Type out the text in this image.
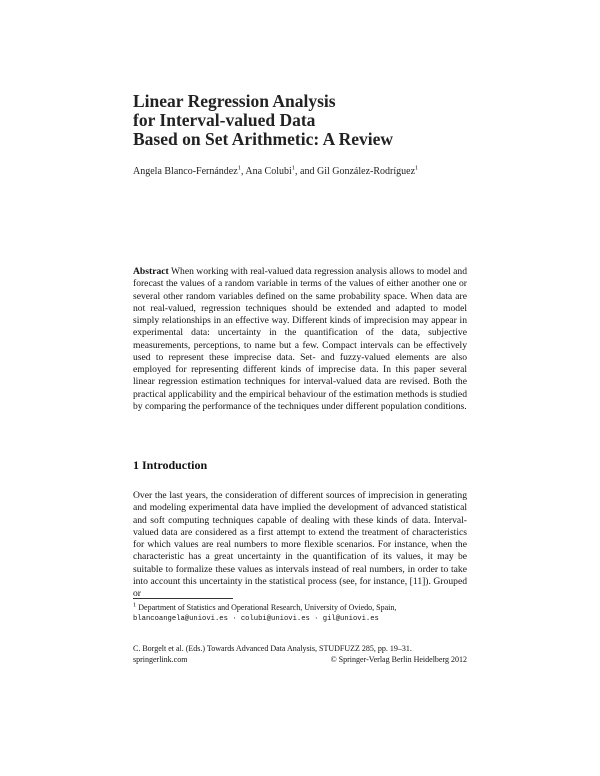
Linear Regression Analysis
for Interval-valued Data
Based on Set Arithmetic: A Review
Angela Blanco-Fernández$^1$, Ana Colubi$^1$, and Gil González-Rodríguez$^1$
Abstract When working with real-valued data regression analysis allows to model and forecast the values of a random variable in terms of the values of either another one or several other random variables defined on the same probability space. When data are not real-valued, regression techniques should be extended and adapted to model simply relationships in an effective way. Different kinds of imprecision may appear in experimental data: uncertainty in the quantification of the data, subjective measurements, perceptions, to name but a few. Compact intervals can be effectively used to represent these imprecise data. Set- and fuzzy-valued elements are also employed for representing different kinds of imprecise data. In this paper several linear regression estimation techniques for interval-valued data are revised. Both the practical applicability and the empirical behaviour of the estimation methods is studied by comparing the performance of the techniques under different population conditions.
1 Introduction
Over the last years, the consideration of different sources of imprecision in generating and modeling experimental data have implied the development of advanced statistical and soft computing techniques capable of dealing with these kinds of data. Interval-valued data are considered as a first attempt to extend the treatment of characteristics for which values are real numbers to more flexible scenarios. For instance, when the characteristic has a great uncertainty in the quantification of its values, it may be suitable to formalize these values as intervals instead of real numbers, in order to take into account this uncertainty in the statistical process (see, for instance, [11]). Grouped or
$^1$ Department of Statistics and Operational Research, University of Oviedo, Spain,
blancoangela@uniovi.es · colubi@uniovi.es · gil@uniovi.es
C. Borgelt et al. (Eds.) Towards Advanced Data Analysis, STUDFUZZ 285, pp. 19–31.
springerlink.com	© Springer-Verlag Berlin Heidelberg 2012
